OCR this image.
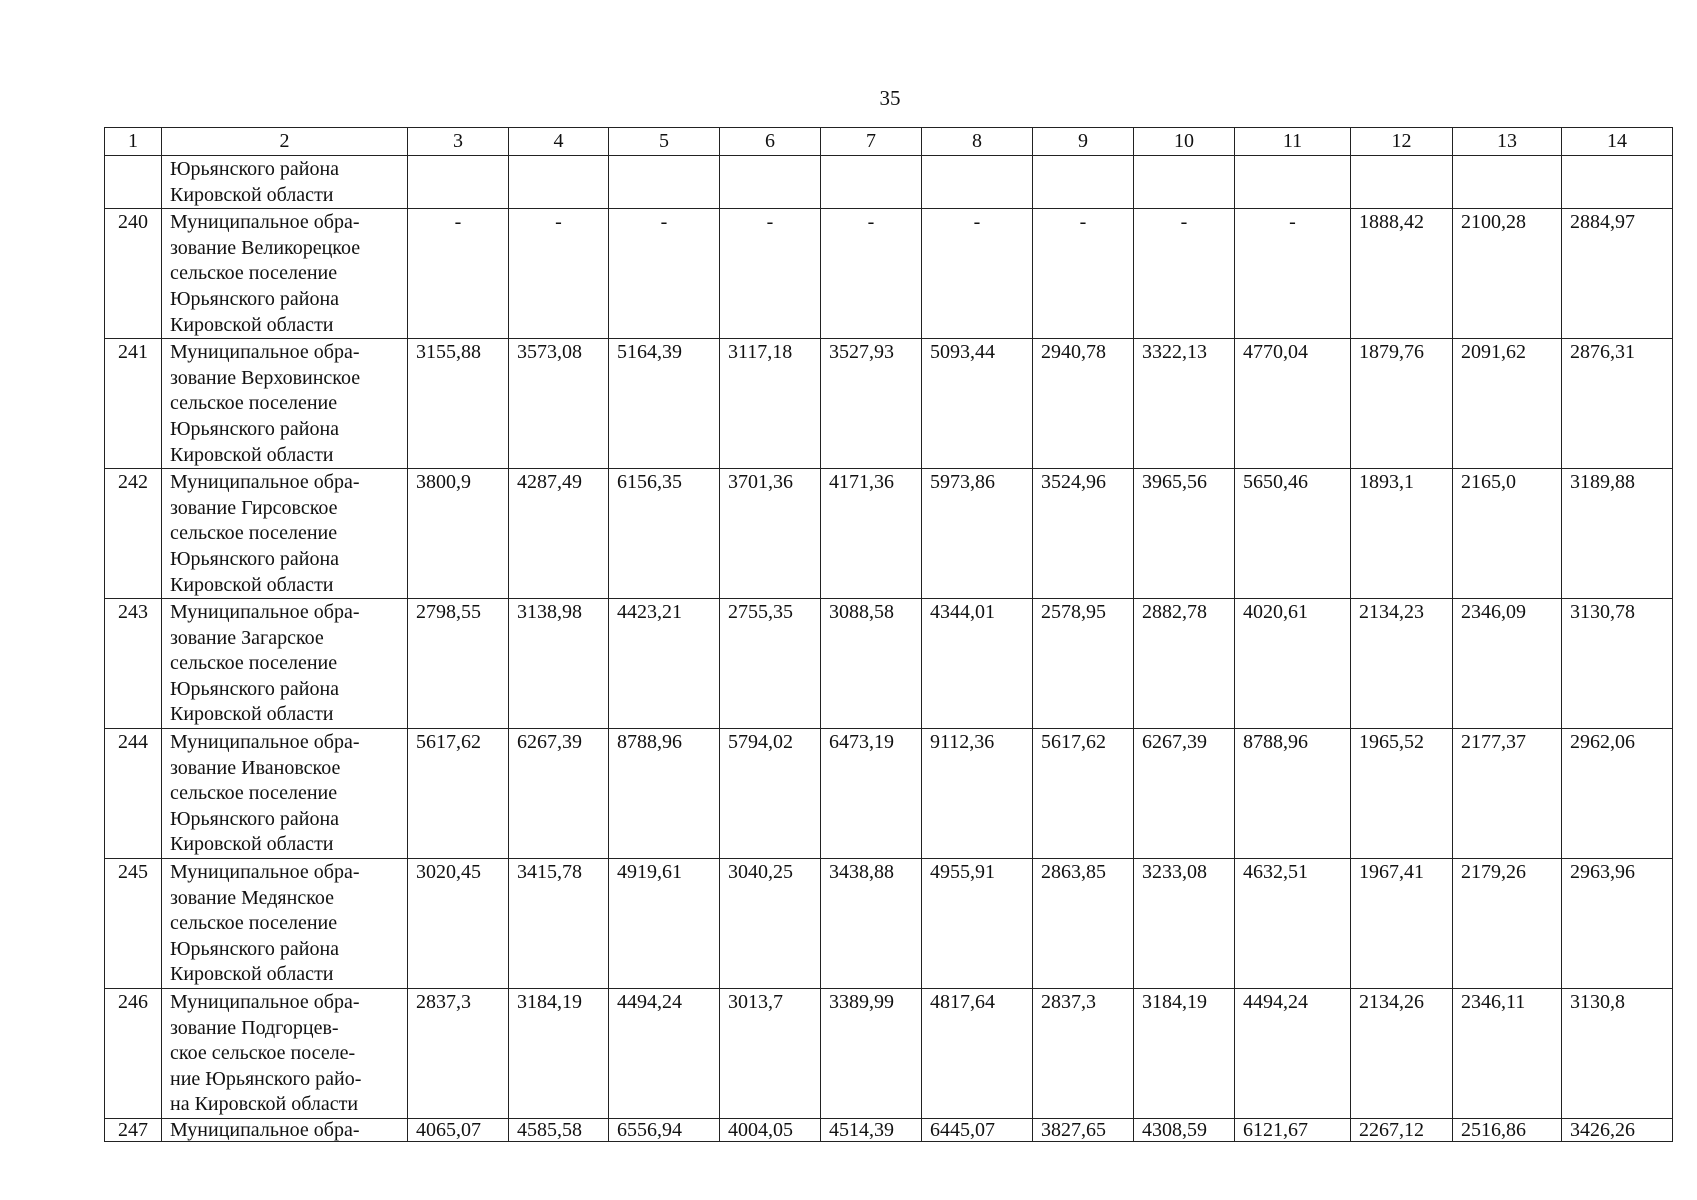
35
1	2	3	4	5	6	7	8	9	10	11	12	13	14

	Юрьянского района
Кировской области												

240	Муниципальное обра-
зование Великорецкое
сельское поселение
Юрьянского района
Кировской области	-	-	-	-	-	-	-	-	-	1888,42	2100,28	2884,97
241	Муниципальное обра-
зование Верховинское
сельское поселение
Юрьянского района
Кировской области	3155,88	3573,08	5164,39	3117,18	3527,93	5093,44	2940,78	3322,13	4770,04	1879,76	2091,62	2876,31
242	Муниципальное обра-
зование Гирсовское
сельское поселение
Юрьянского района
Кировской области	3800,9	4287,49	6156,35	3701,36	4171,36	5973,86	3524,96	3965,56	5650,46	1893,1	2165,0	3189,88
243	Муниципальное обра-
зование Загарское
сельское поселение
Юрьянского района
Кировской области	2798,55	3138,98	4423,21	2755,35	3088,58	4344,01	2578,95	2882,78	4020,61	2134,23	2346,09	3130,78
244	Муниципальное обра-
зование Ивановское
сельское поселение
Юрьянского района
Кировской области	5617,62	6267,39	8788,96	5794,02	6473,19	9112,36	5617,62	6267,39	8788,96	1965,52	2177,37	2962,06
245	Муниципальное обра-
зование Медянское
сельское поселение
Юрьянского района
Кировской области	3020,45	3415,78	4919,61	3040,25	3438,88	4955,91	2863,85	3233,08	4632,51	1967,41	2179,26	2963,96
246	Муниципальное обра-
зование Подгорцев-
ское сельское поселе-
ние Юрьянского райо-
на Кировской области	2837,3	3184,19	4494,24	3013,7	3389,99	4817,64	2837,3	3184,19	4494,24	2134,26	2346,11	3130,8
247	Муниципальное обра-	4065,07	4585,58	6556,94	4004,05	4514,39	6445,07	3827,65	4308,59	6121,67	2267,12	2516,86	3426,26
